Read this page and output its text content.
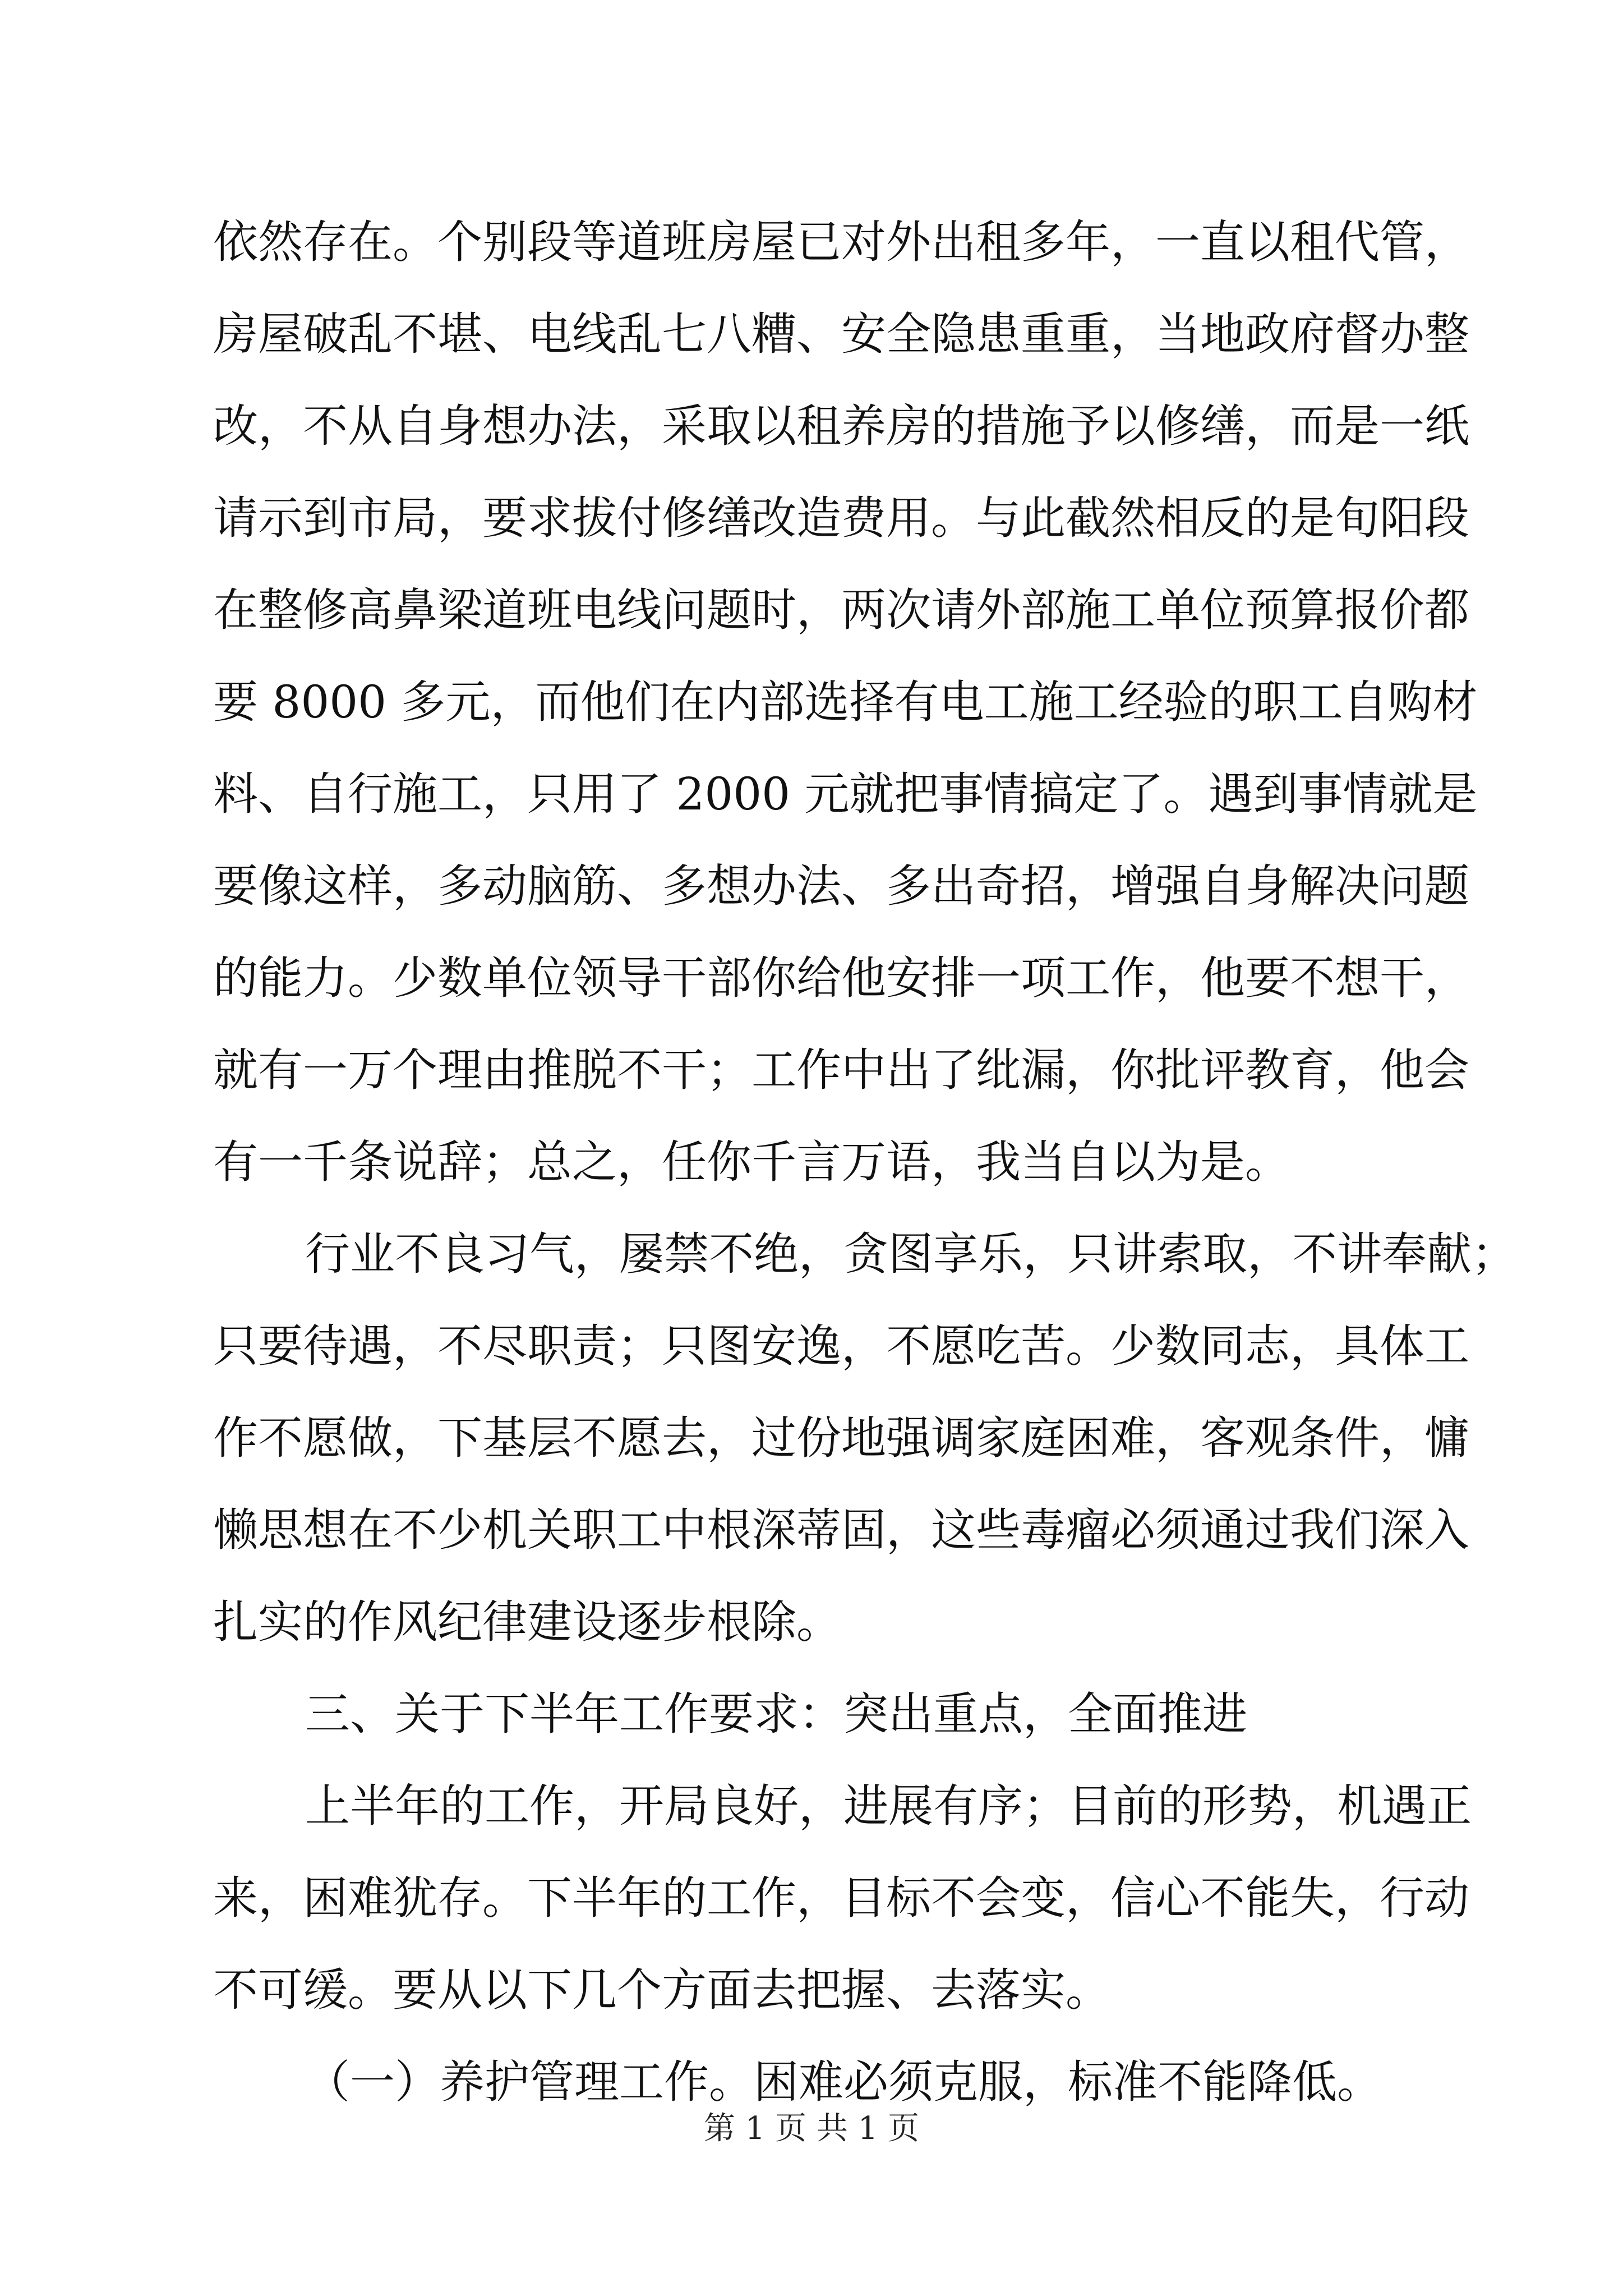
依然存在。个别段等道班房屋已对外出租多年，一直以租代管，
房屋破乱不堪、电线乱七八糟、安全隐患重重，当地政府督办整
改，不从自身想办法，采取以租养房的措施予以修缮，而是一纸
请示到市局，要求拔付修缮改造费用。与此截然相反的是旬阳段
在整修高鼻梁道班电线问题时，两次请外部施工单位预算报价都
要 8000 多元，而他们在内部选择有电工施工经验的职工自购材
料、自行施工，只用了 2000 元就把事情搞定了。遇到事情就是
要像这样，多动脑筋、多想办法、多出奇招，增强自身解决问题
的能力。少数单位领导干部你给他安排一项工作，他要不想干，
就有一万个理由推脱不干；工作中出了纰漏，你批评教育，他会
有一千条说辞；总之，任你千言万语，我当自以为是。
行业不良习气，屡禁不绝，贪图享乐，只讲索取，不讲奉献；
只要待遇，不尽职责；只图安逸，不愿吃苦。少数同志，具体工
作不愿做，下基层不愿去，过份地强调家庭困难，客观条件，慵
懒思想在不少机关职工中根深蒂固，这些毒瘤必须通过我们深入
扎实的作风纪律建设逐步根除。
三、关于下半年工作要求：突出重点，全面推进
上半年的工作，开局良好，进展有序；目前的形势，机遇正
来，困难犹存。下半年的工作，目标不会变，信心不能失，行动
不可缓。要从以下几个方面去把握、去落实。
（一）养护管理工作。困难必须克服，标准不能降低。
第 1 页 共 1 页
